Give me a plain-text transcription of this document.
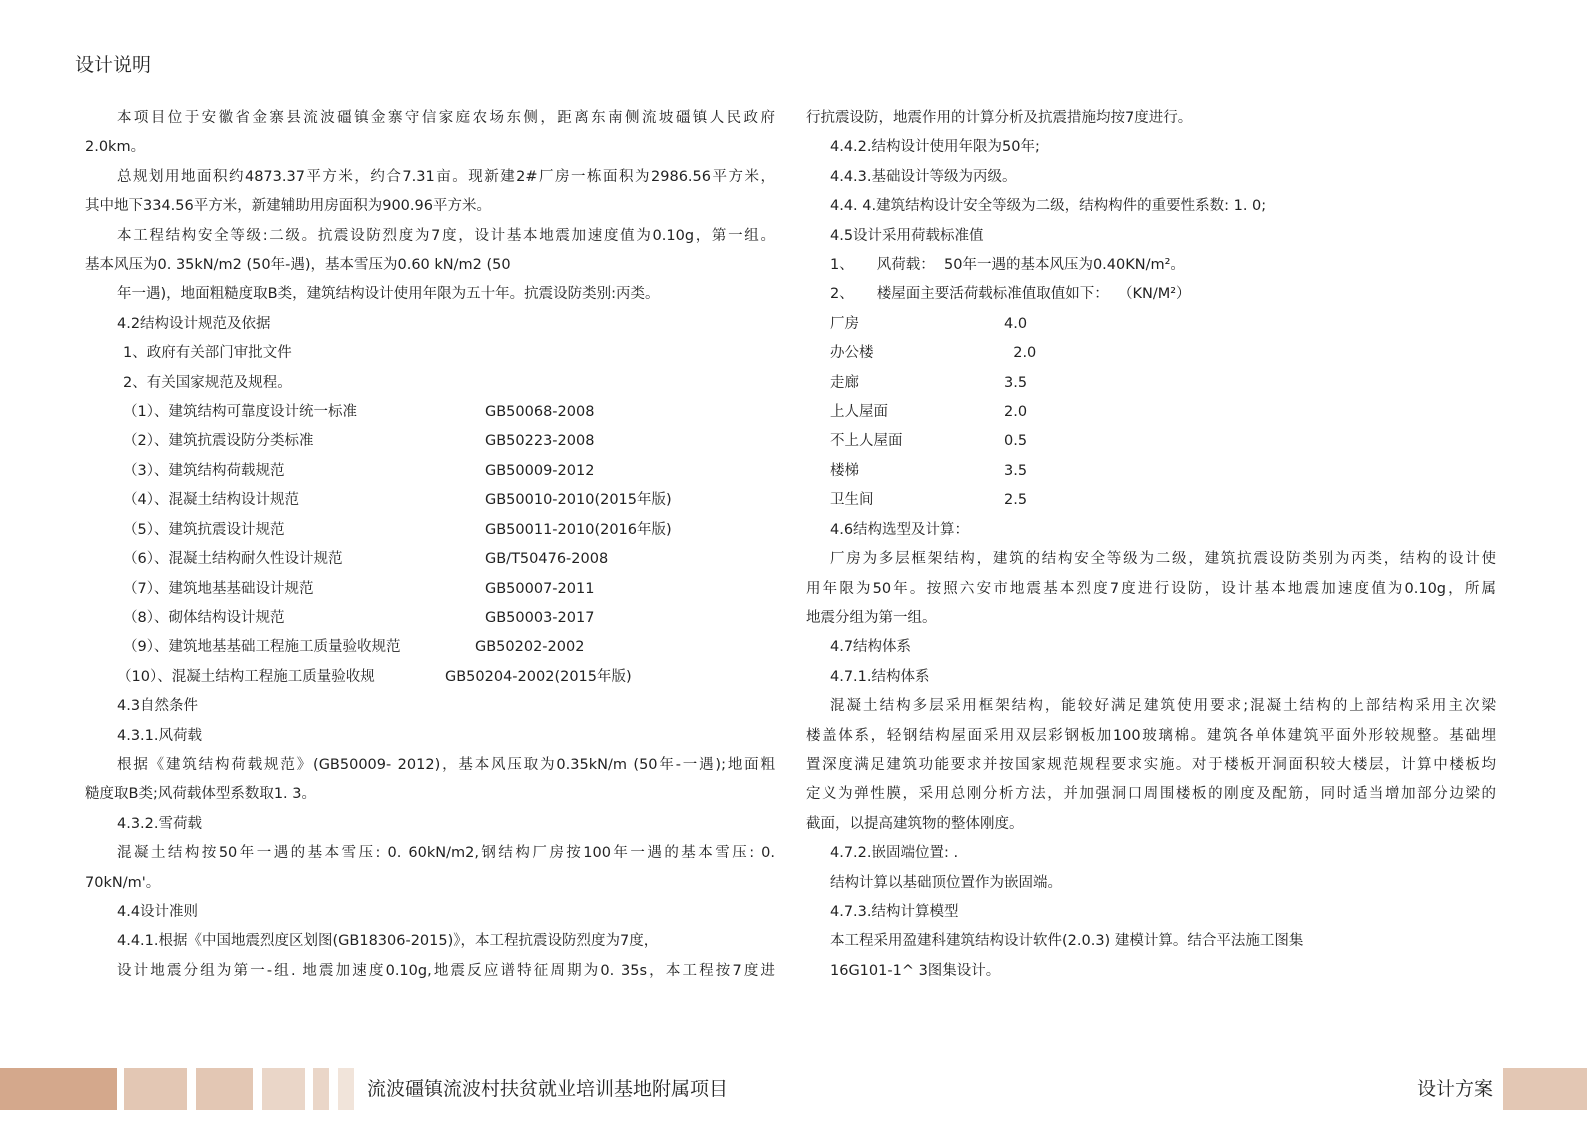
设计说明
本项目位于安徽省金寨县流波礓镇金寨守信家庭农场东侧，距离东南侧流坡礓镇人民政府
2.0km。
总规划用地面积约4873.37平方米，约合7.31亩。现新建2#厂房一栋面积为2986.56平方米，
其中地下334.56平方米，新建辅助用房面积为900.96平方米。
本工程结构安全等级:二级。抗震设防烈度为7度，设计基本地震加速度值为0.10g，第一组。
基本风压为0. 35kN/m2 (50年-遇)，基本雪压为0.60 kN/m2 (50
年一遇)，地面粗糙度取B类，建筑结构设计使用年限为五十年。抗震设防类别:丙类。
4.2结构设计规范及依据
1、政府有关部门审批文件
2、有关国家规范及规程。
（1）、建筑结构可靠度设计统一标准	GB50068-2008
（2）、建筑抗震设防分类标准	GB50223-2008
（3）、建筑结构荷载规范	GB50009-2012
（4）、混凝土结构设计规范	GB50010-2010(2015年版)
（5）、建筑抗震设计规范	GB50011-2010(2016年版)
（6）、混凝土结构耐久性设计规范	GB/T50476-2008
（7）、建筑地基基础设计规范	GB50007-2011
（8）、砌体结构设计规范	GB50003-2017
（9）、建筑地基基础工程施工质量验收规范	GB50202-2002
（10）、混凝土结构工程施工质量验收规	GB50204-2002(2015年版)
4.3自然条件
4.3.1.风荷载
根据《建筑结构荷载规范》(GB50009- 2012)，基本风压取为0.35kN/m (50年-一遇);地面粗
糙度取B类;风荷载体型系数取1. 3。
4.3.2.雪荷载
混凝土结构按50年一遇的基本雪压: 0. 60kN/m2,钢结构厂房按100年一遇的基本雪压: 0.
70kN/m'。
4.4设计准则
4.4.1.根据《中国地震烈度区划图(GB18306-2015)》，本工程抗震设防烈度为7度，
设计地震分组为第一-组. 地震加速度0.10g,地震反应谱特征周期为0. 35s，本工程按7度进
行抗震设防，地震作用的计算分析及抗震措施均按7度进行。
4.4.2.结构设计使用年限为50年;
4.4.3.基础设计等级为丙级。
4.4. 4.建筑结构设计安全等级为二级，结构构件的重要性系数: 1. 0;
4.5设计采用荷载标准值
1、     风荷载：  50年一遇的基本风压为0.40KN/m²。
2、     楼屋面主要活荷载标准值取值如下：  （KN/M²）
厂房	4.0
办公楼	2.0
走廊	3.5
上人屋面	2.0
不上人屋面	0.5
楼梯	3.5
卫生间	2.5
4.6结构选型及计算：
厂房为多层框架结构，建筑的结构安全等级为二级，建筑抗震设防类别为丙类，结构的设计使
用年限为50年。按照六安市地震基本烈度7度进行设防，设计基本地震加速度值为0.10g，所属
地震分组为第一组。
4.7结构体系
4.7.1.结构体系
混凝土结构多层采用框架结构，能较好满足建筑使用要求;混凝土结构的上部结构采用主次梁
楼盖体系，轻钢结构屋面采用双层彩钢板加100玻璃棉。建筑各单体建筑平面外形较规整。基础埋
置深度满足建筑功能要求并按国家规范规程要求实施。对于楼板开洞面积较大楼层，计算中楼板均
定义为弹性膜，采用总刚分析方法，并加强洞口周围楼板的刚度及配筋，同时适当增加部分边梁的
截面，以提高建筑物的整体刚度。
4.7.2.嵌固端位置: .
结构计算以基础顶位置作为嵌固端。
4.7.3.结构计算模型
本工程采用盈建科建筑结构设计软件(2.0.3) 建模计算。结合平法施工图集
16G101-1^ 3图集设计。
流波礓镇流波村扶贫就业培训基地附属项目	设计方案
